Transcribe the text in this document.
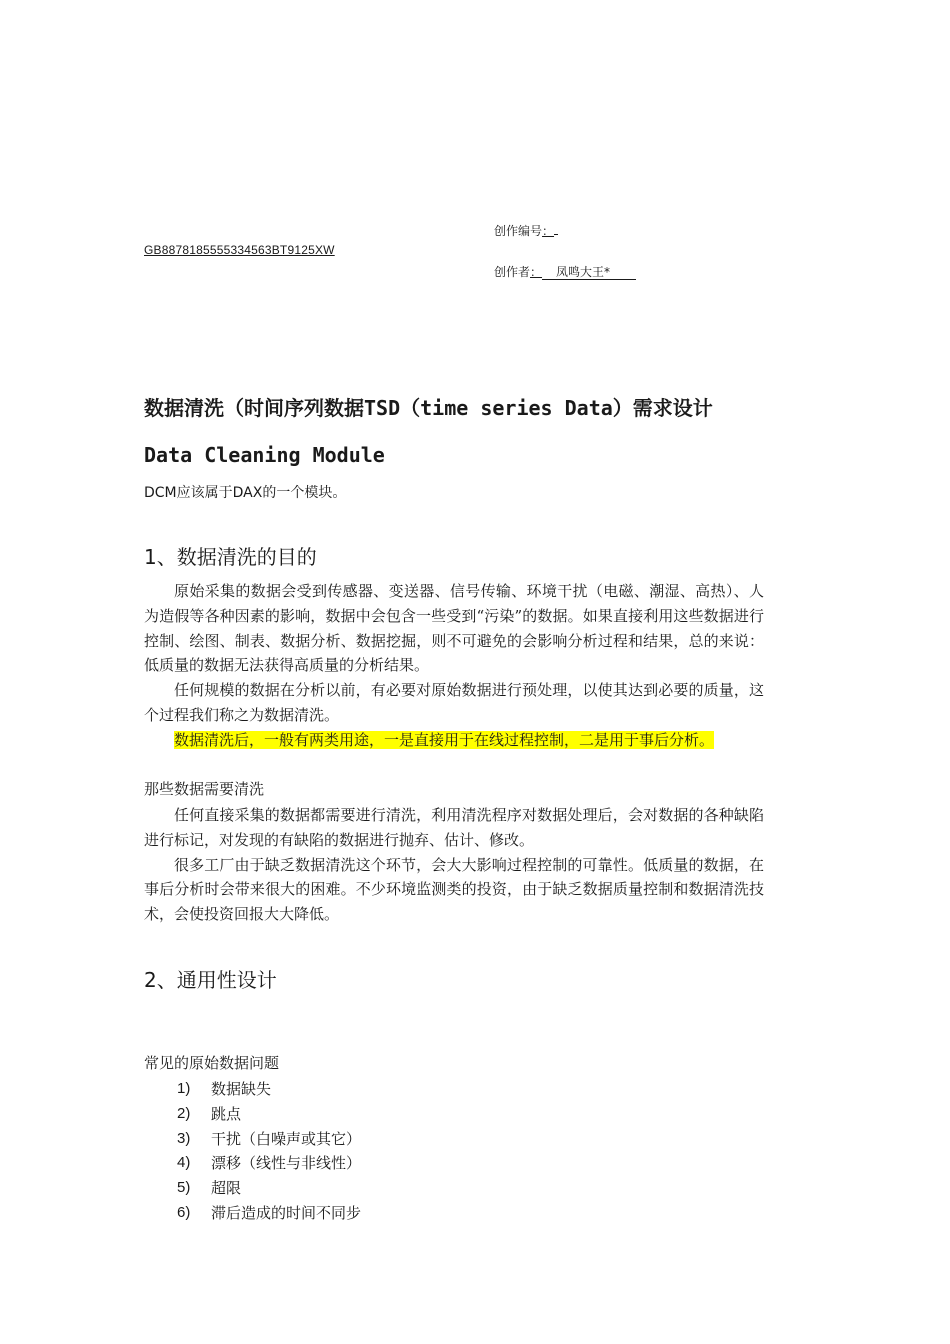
创作编号：
GB8878185555334563BT9125XW
创作者： 凤鸣大王*
数据清洗（时间序列数据TSD（time series Data）需求设计
Data Cleaning Module
DCM应该属于DAX的一个模块。
1、数据清洗的目的

原始采集的数据会受到传感器、变送器、信号传输、环境干扰（电磁、潮湿、高热）、人为造假等各种因素的影响，数据中会包含一些受到“污染”的数据。如果直接利用这些数据进行控制、绘图、制表、数据分析、数据挖掘，则不可避免的会影响分析过程和结果，总的来说：低质量的数据无法获得高质量的分析结果。

任何规模的数据在分析以前，有必要对原始数据进行预处理，以使其达到必要的质量，这个过程我们称之为数据清洗。

数据清洗后，一般有两类用途，一是直接用于在线过程控制，二是用于事后分析。

那些数据需要清洗

任何直接采集的数据都需要进行清洗，利用清洗程序对数据处理后，会对数据的各种缺陷进行标记，对发现的有缺陷的数据进行抛弃、估计、修改。

很多工厂由于缺乏数据清洗这个环节，会大大影响过程控制的可靠性。低质量的数据，在事后分析时会带来很大的困难。不少环境监测类的投资，由于缺乏数据质量控制和数据清洗技术，会使投资回报大大降低。

2、通用性设计
常见的原始数据问题
1)	数据缺失
2)	跳点
3)	干扰（白噪声或其它）
4)	漂移（线性与非线性）
5)	超限
6)	滞后造成的时间不同步
